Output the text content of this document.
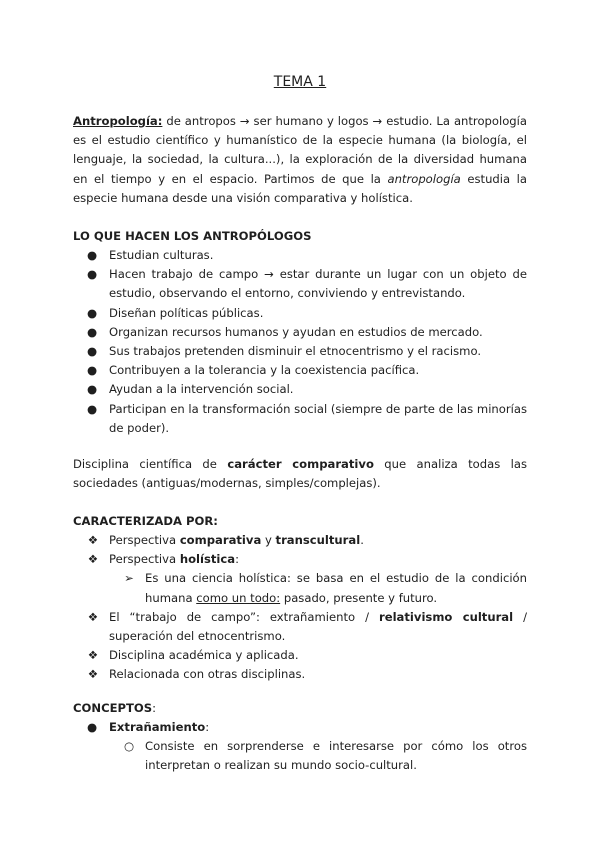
TEMA 1

Antropología: de antropos → ser humano y logos → estudio. La antropología es el estudio científico y humanístico de la especie humana (la biología, el lenguaje, la sociedad, la cultura...), la exploración de la diversidad humana en el tiempo y en el espacio. Partimos de que la antropología estudia la especie humana desde una visión comparativa y holística.

LO QUE HACEN LOS ANTROPÓLOGOS
● Estudian culturas.
● Hacen trabajo de campo → estar durante un lugar con un objeto de estudio, observando el entorno, conviviendo y entrevistando.
● Diseñan políticas públicas.
● Organizan recursos humanos y ayudan en estudios de mercado.
● Sus trabajos pretenden disminuir el etnocentrismo y el racismo.
● Contribuyen a la tolerancia y la coexistencia pacífica.
● Ayudan a la intervención social.
● Participan en la transformación social (siempre de parte de las minorías de poder).

Disciplina científica de carácter comparativo que analiza todas las sociedades (antiguas/modernas, simples/complejas).

CARACTERIZADA POR:
❖ Perspectiva comparativa y transcultural.
❖ Perspectiva holística:
➢ Es una ciencia holística: se basa en el estudio de la condición humana como un todo: pasado, presente y futuro.
❖ El “trabajo de campo”: extrañamiento / relativismo cultural / superación del etnocentrismo.
❖ Disciplina académica y aplicada.
❖ Relacionada con otras disciplinas.
CONCEPTOS:
● Extrañamiento:
○ Consiste en sorprenderse e interesarse por cómo los otros interpretan o realizan su mundo socio-cultural.
